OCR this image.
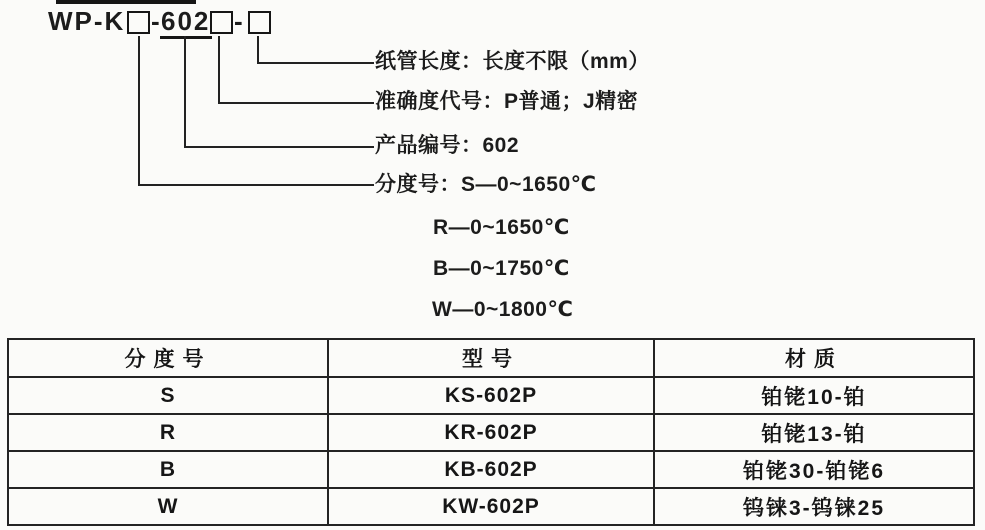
WP-K - 602 -
纸管长度：长度不限（mm）
准确度代号：P普通；J精密
产品编号：602
分度号：S—0~1650℃
R—0~1650℃
B—0~1750℃
W—0~1800℃
分度号	型号	材质
S	KS-602P	铂铑10-铂
R	KR-602P	铂铑13-铂
B	KB-602P	铂铑30-铂铑6
W	KW-602P	钨铼3-钨铼25
